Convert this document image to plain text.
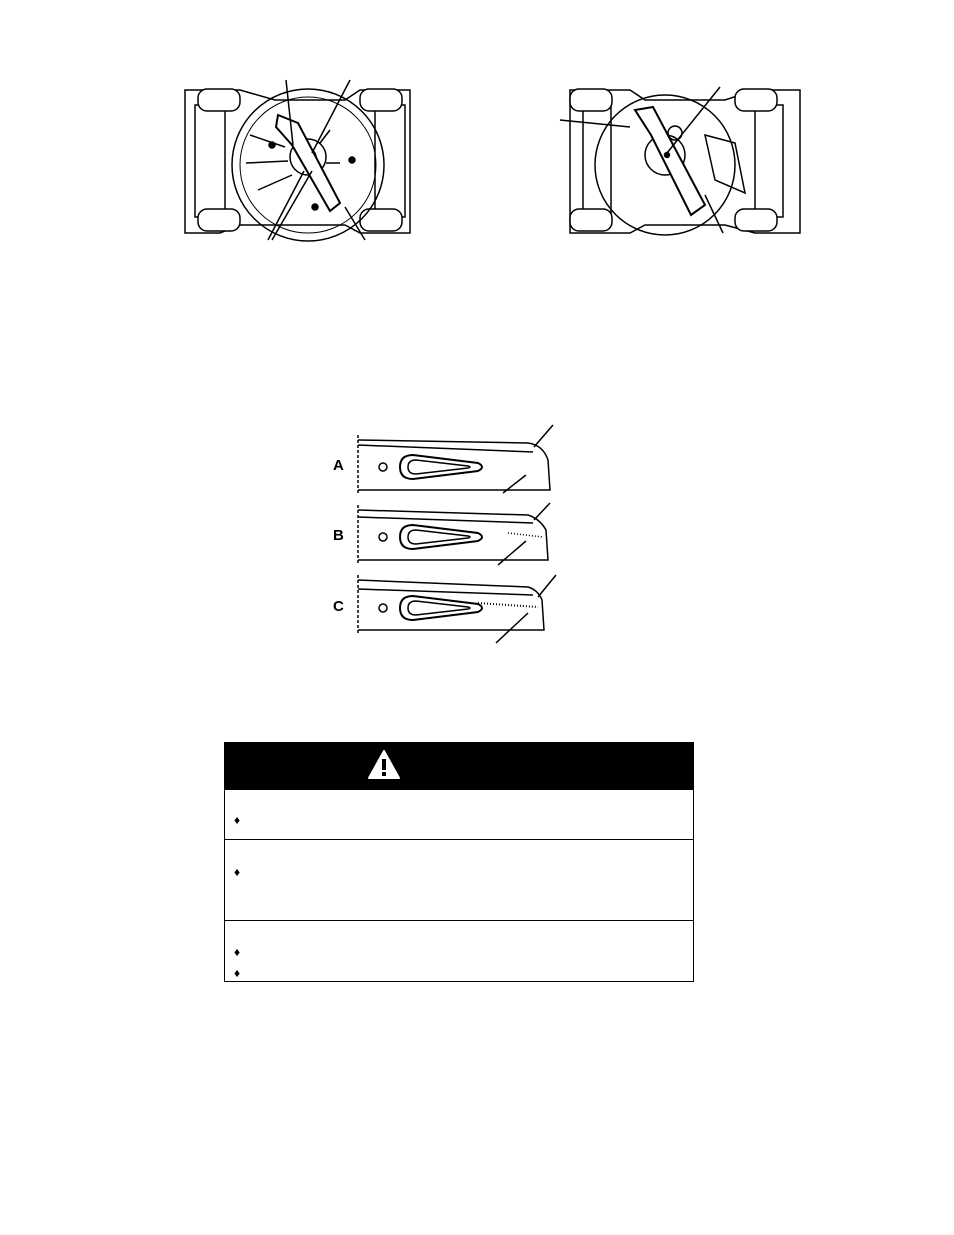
A
B
C
♦
♦
♦
♦
